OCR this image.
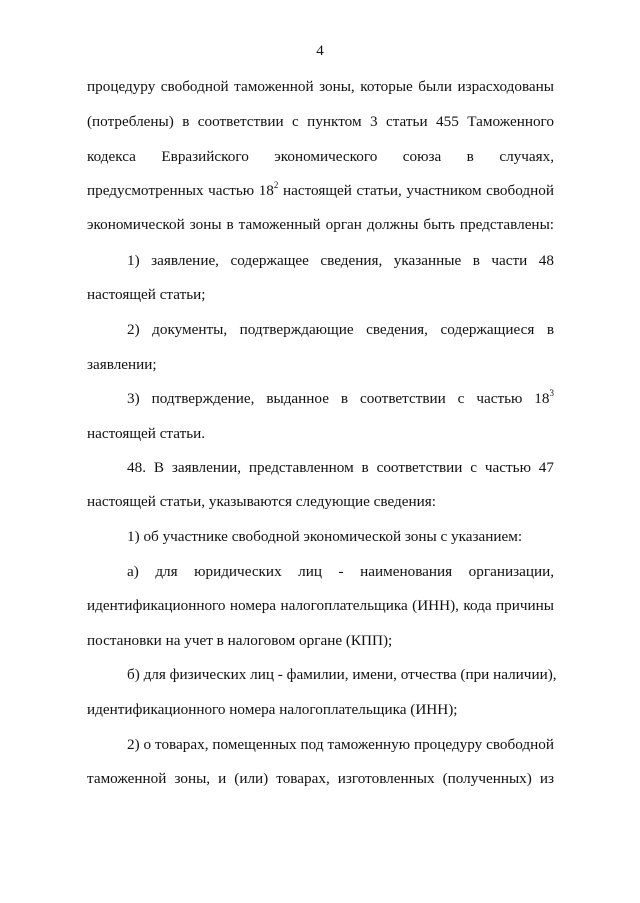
4
процедуру свободной таможенной зоны, которые были израсходованы
(потреблены) в соответствии с пунктом 3 статьи 455 Таможенного
кодекса Евразийского экономического союза в случаях,
предусмотренных частью $18^2$ настоящей статьи, участником свободной
экономической зоны в таможенный орган должны быть представлены:
1) заявление, содержащее сведения, указанные в части 48
настоящей статьи;
2) документы, подтверждающие сведения, содержащиеся в
заявлении;
3) подтверждение, выданное в соответствии с частью $18^3$
настоящей статьи.
48. В заявлении, представленном в соответствии с частью 47
настоящей статьи, указываются следующие сведения:
1) об участнике свободной экономической зоны с указанием:
а) для юридических лиц - наименования организации,
идентификационного номера налогоплательщика (ИНН), кода причины
постановки на учет в налоговом органе (КПП);
б) для физических лиц - фамилии, имени, отчества (при наличии),
идентификационного номера налогоплательщика (ИНН);
2) о товарах, помещенных под таможенную процедуру свободной
таможенной зоны, и (или) товарах, изготовленных (полученных) из
